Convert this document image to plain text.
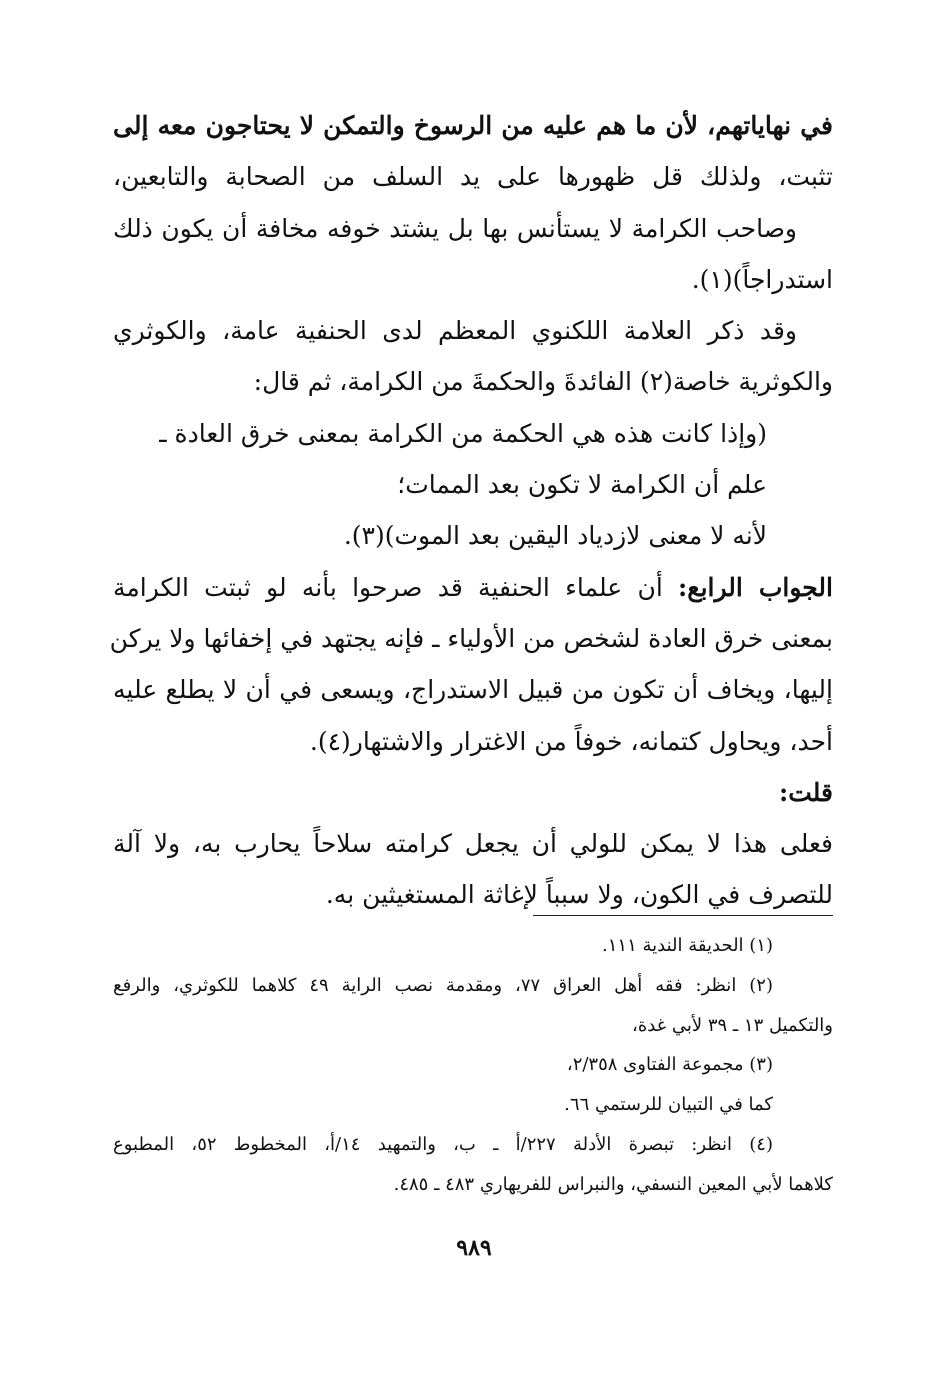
في نهاياتهم، لأن ما هم عليه من الرسوخ والتمكن لا يحتاجون معه إلى

تثبت، ولذلك قل ظهورها على يد السلف من الصحابة والتابعين،

وصاحب الكرامة لا يستأنس بها بل يشتد خوفه مخافة أن يكون ذلك

استدراجاً)(١).

وقد ذكر العلامة اللكنوي المعظم لدى الحنفية عامة، والكوثري

والكوثرية خاصة(٢) الفائدةَ والحكمةَ من الكرامة، ثم قال:

(وإذا كانت هذه هي الحكمة من الكرامة بمعنى خرق العادة ـ

علم أن الكرامة لا تكون بعد الممات؛

لأنه لا معنى لازدياد اليقين بعد الموت)(٣).

الجواب الرابع: أن علماء الحنفية قد صرحوا بأنه لو ثبتت الكرامة

بمعنى خرق العادة لشخص من الأولياء ـ فإنه يجتهد في إخفائها ولا يركن

إليها، ويخاف أن تكون من قبيل الاستدراج، ويسعى في أن لا يطلع عليه

أحد، ويحاول كتمانه، خوفاً من الاغترار والاشتهار(٤).

قلت:

فعلى هذا لا يمكن للولي أن يجعل كرامته سلاحاً يحارب به، ولا آلة

للتصرف في الكون، ولا سبباً لإغاثة المستغيثين به.

(١) الحديقة الندية ١١١.

(٢) انظر: فقه أهل العراق ٧٧، ومقدمة نصب الراية ٤٩ كلاهما للكوثري، والرفع

والتكميل ١٣ ـ ٣٩ لأبي غدة،

(٣) مجموعة الفتاوى ٢/٣٥٨،

كما في التبيان للرستمي ٦٦.

(٤) انظر: تبصرة الأدلة ٢٢٧/أ ـ ب، والتمهيد ١٤/أ، المخطوط ٥٢، المطبوع

كلاهما لأبي المعين النسفي، والنبراس للفريهاري ٤٨٣ ـ ٤٨٥.

٩٨٩
